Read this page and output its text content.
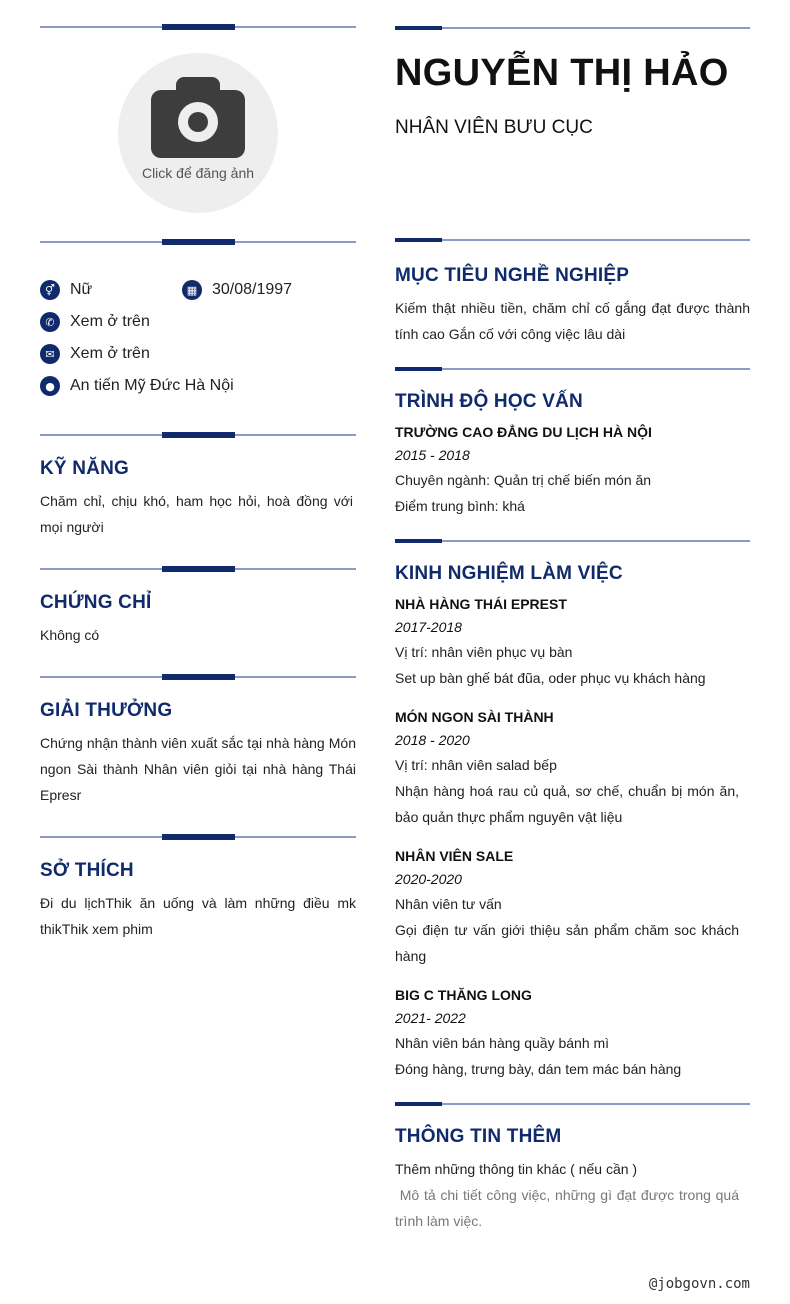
Click để đăng ảnh
⚥ Nữ	▦ 30/08/1997
✆ Xem ở trên
✉ Xem ở trên
● An tiến Mỹ Đức Hà Nội
KỸ NĂNG

Chăm chỉ, chịu khó, ham học hỏi, hoà đồng với mọi người

CHỨNG CHỈ

Không có

GIẢI THƯỞNG

Chứng nhận thành viên xuất sắc tại nhà hàng Món ngon Sài thành Nhân viên giỏi tại nhà hàng Thái Epresr

SỞ THÍCH

Đi du lịchThik ăn uống và làm những điều mk thikThik xem phim

NGUYỄN THỊ HẢO

NHÂN VIÊN BƯU CỤC

MỤC TIÊU NGHỀ NGHIỆP

Kiếm thật nhiều tiền, chăm chỉ cố gắng đạt được thành tính cao Gắn cố với công việc lâu dài

TRÌNH ĐỘ HỌC VẤN

TRƯỜNG CAO ĐẲNG DU LỊCH HÀ NỘI

2015 - 2018

Chuyên ngành: Quản trị chế biến món ăn

Điểm trung bình: khá

KINH NGHIỆM LÀM VIỆC

NHÀ HÀNG THÁI EPREST

2017-2018

Vị trí: nhân viên phục vụ bàn

Set up bàn ghế bát đũa, oder phục vụ khách hàng

MÓN NGON SÀI THÀNH

2018 - 2020

Vị trí: nhân viên salad bếp

Nhận hàng hoá rau củ quả, sơ chế, chuẩn bị món ăn, bảo quản thực phẩm nguyên vật liệu

NHÂN VIÊN SALE

2020-2020

Nhân viên tư vấn

Gọi điện tư vấn giới thiệu sản phẩm chăm soc khách hàng

BIG C THĂNG LONG

2021- 2022

Nhân viên bán hàng quầy bánh mì

Đóng hàng, trưng bày, dán tem mác bán hàng

THÔNG TIN THÊM

Thêm những thông tin khác ( nếu cần )

Mô tả chi tiết công việc, những gì đạt được trong quá trình làm việc.

@jobgovn.com
